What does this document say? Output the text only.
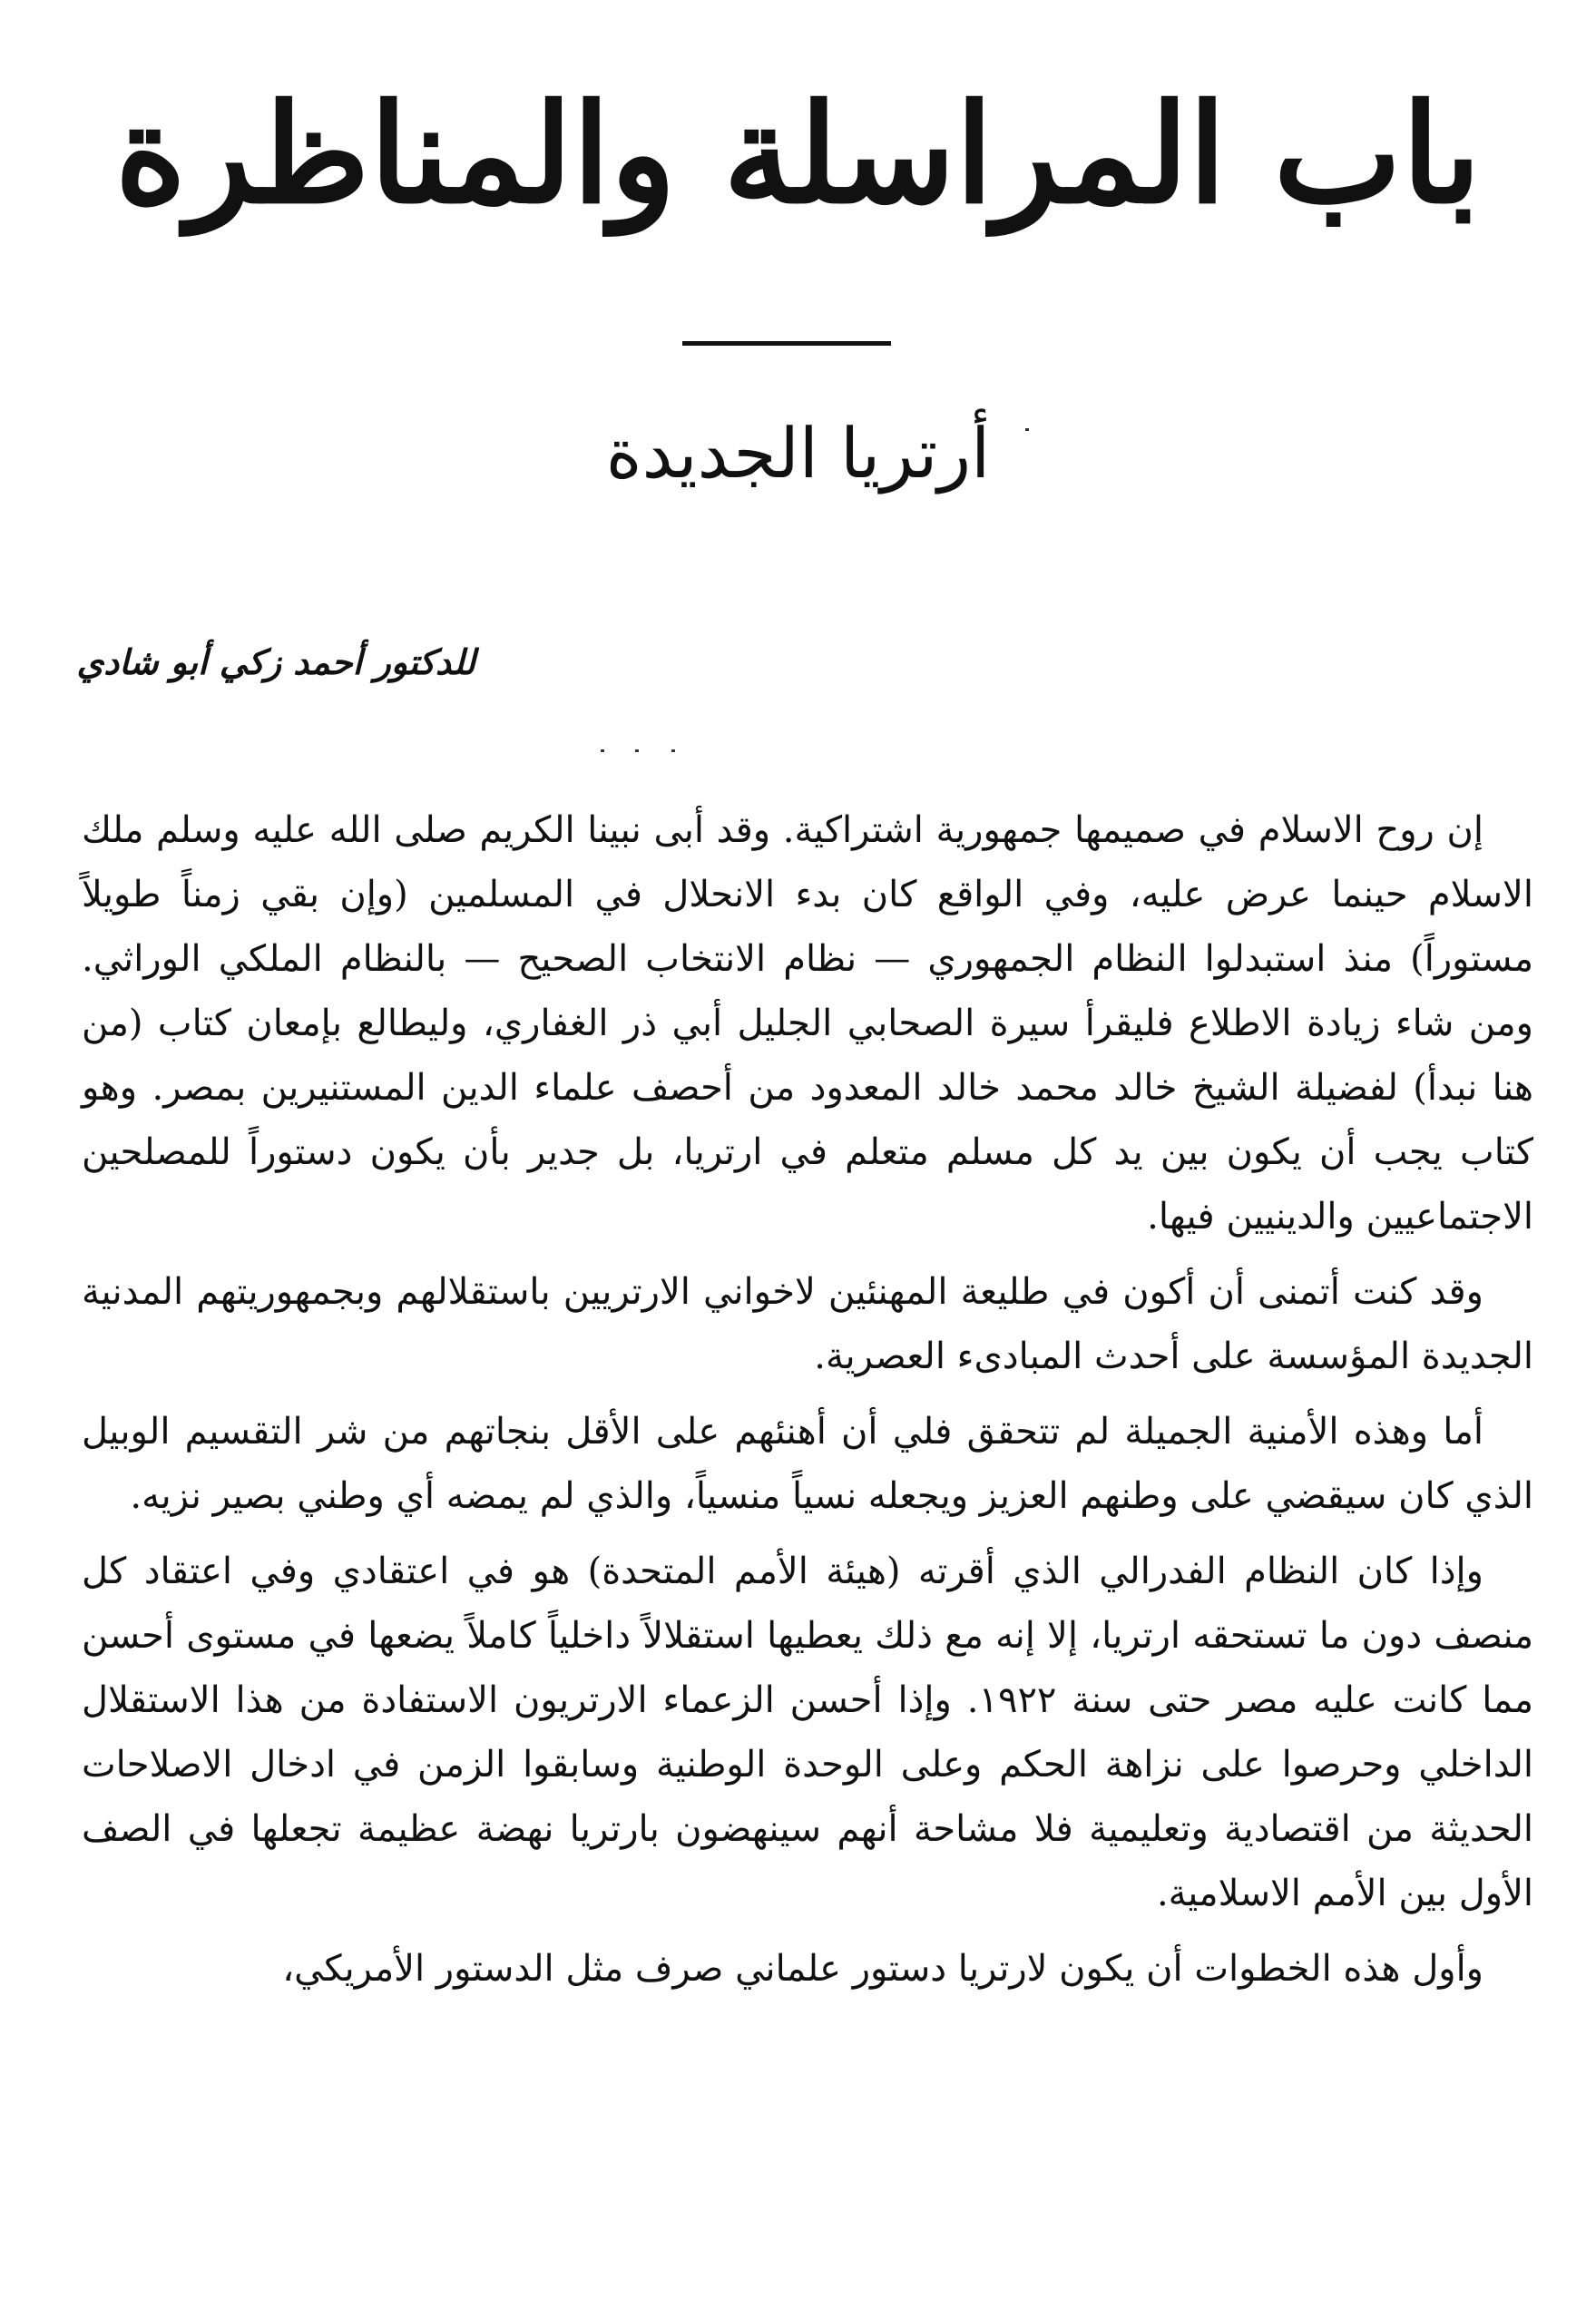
باب المراسلة والمناظرة
أرتريا الجديدة
للدكتور أحمد زكي أبو شادي

إن روح الاسلام في صميمها جمهورية اشتراكية. وقد أبى نبينا الكريم صلى الله عليه وسلم ملك الاسلام حينما عرض عليه، وفي الواقع كان بدء الانحلال في المسلمين (وإن بقي زمناً طويلاً مستوراً) منذ استبدلوا النظام الجمهوري — نظام الانتخاب الصحيح — بالنظام الملكي الوراثي. ومن شاء زيادة الاطلاع فليقرأ سيرة الصحابي الجليل أبي ذر الغفاري، وليطالع بإمعان كتاب (من هنا نبدأ) لفضيلة الشيخ خالد محمد خالد المعدود من أحصف علماء الدين المستنيرين بمصر. وهو كتاب يجب أن يكون بين يد كل مسلم متعلم في ارتريا، بل جدير بأن يكون دستوراً للمصلحين الاجتماعيين والدينيين فيها.

وقد كنت أتمنى أن أكون في طليعة المهنئين لاخواني الارتريين باستقلالهم وبجمهوريتهم المدنية الجديدة المؤسسة على أحدث المبادىء العصرية.

أما وهذه الأمنية الجميلة لم تتحقق فلي أن أهنئهم على الأقل بنجاتهم من شر التقسيم الوبيل الذي كان سيقضي على وطنهم العزيز ويجعله نسياً منسياً، والذي لم يمضه أي وطني بصير نزيه.

وإذا كان النظام الفدرالي الذي أقرته (هيئة الأمم المتحدة) هو في اعتقادي وفي اعتقاد كل منصف دون ما تستحقه ارتريا، إلا إنه مع ذلك يعطيها استقلالاً داخلياً كاملاً يضعها في مستوى أحسن مما كانت عليه مصر حتى سنة ١٩٢٢. وإذا أحسن الزعماء الارتريون الاستفادة من هذا الاستقلال الداخلي وحرصوا على نزاهة الحكم وعلى الوحدة الوطنية وسابقوا الزمن في ادخال الاصلاحات الحديثة من اقتصادية وتعليمية فلا مشاحة أنهم سينهضون بارتريا نهضة عظيمة تجعلها في الصف الأول بين الأمم الاسلامية.

وأول هذه الخطوات أن يكون لارتريا دستور علماني صرف مثل الدستور الأمريكي،
